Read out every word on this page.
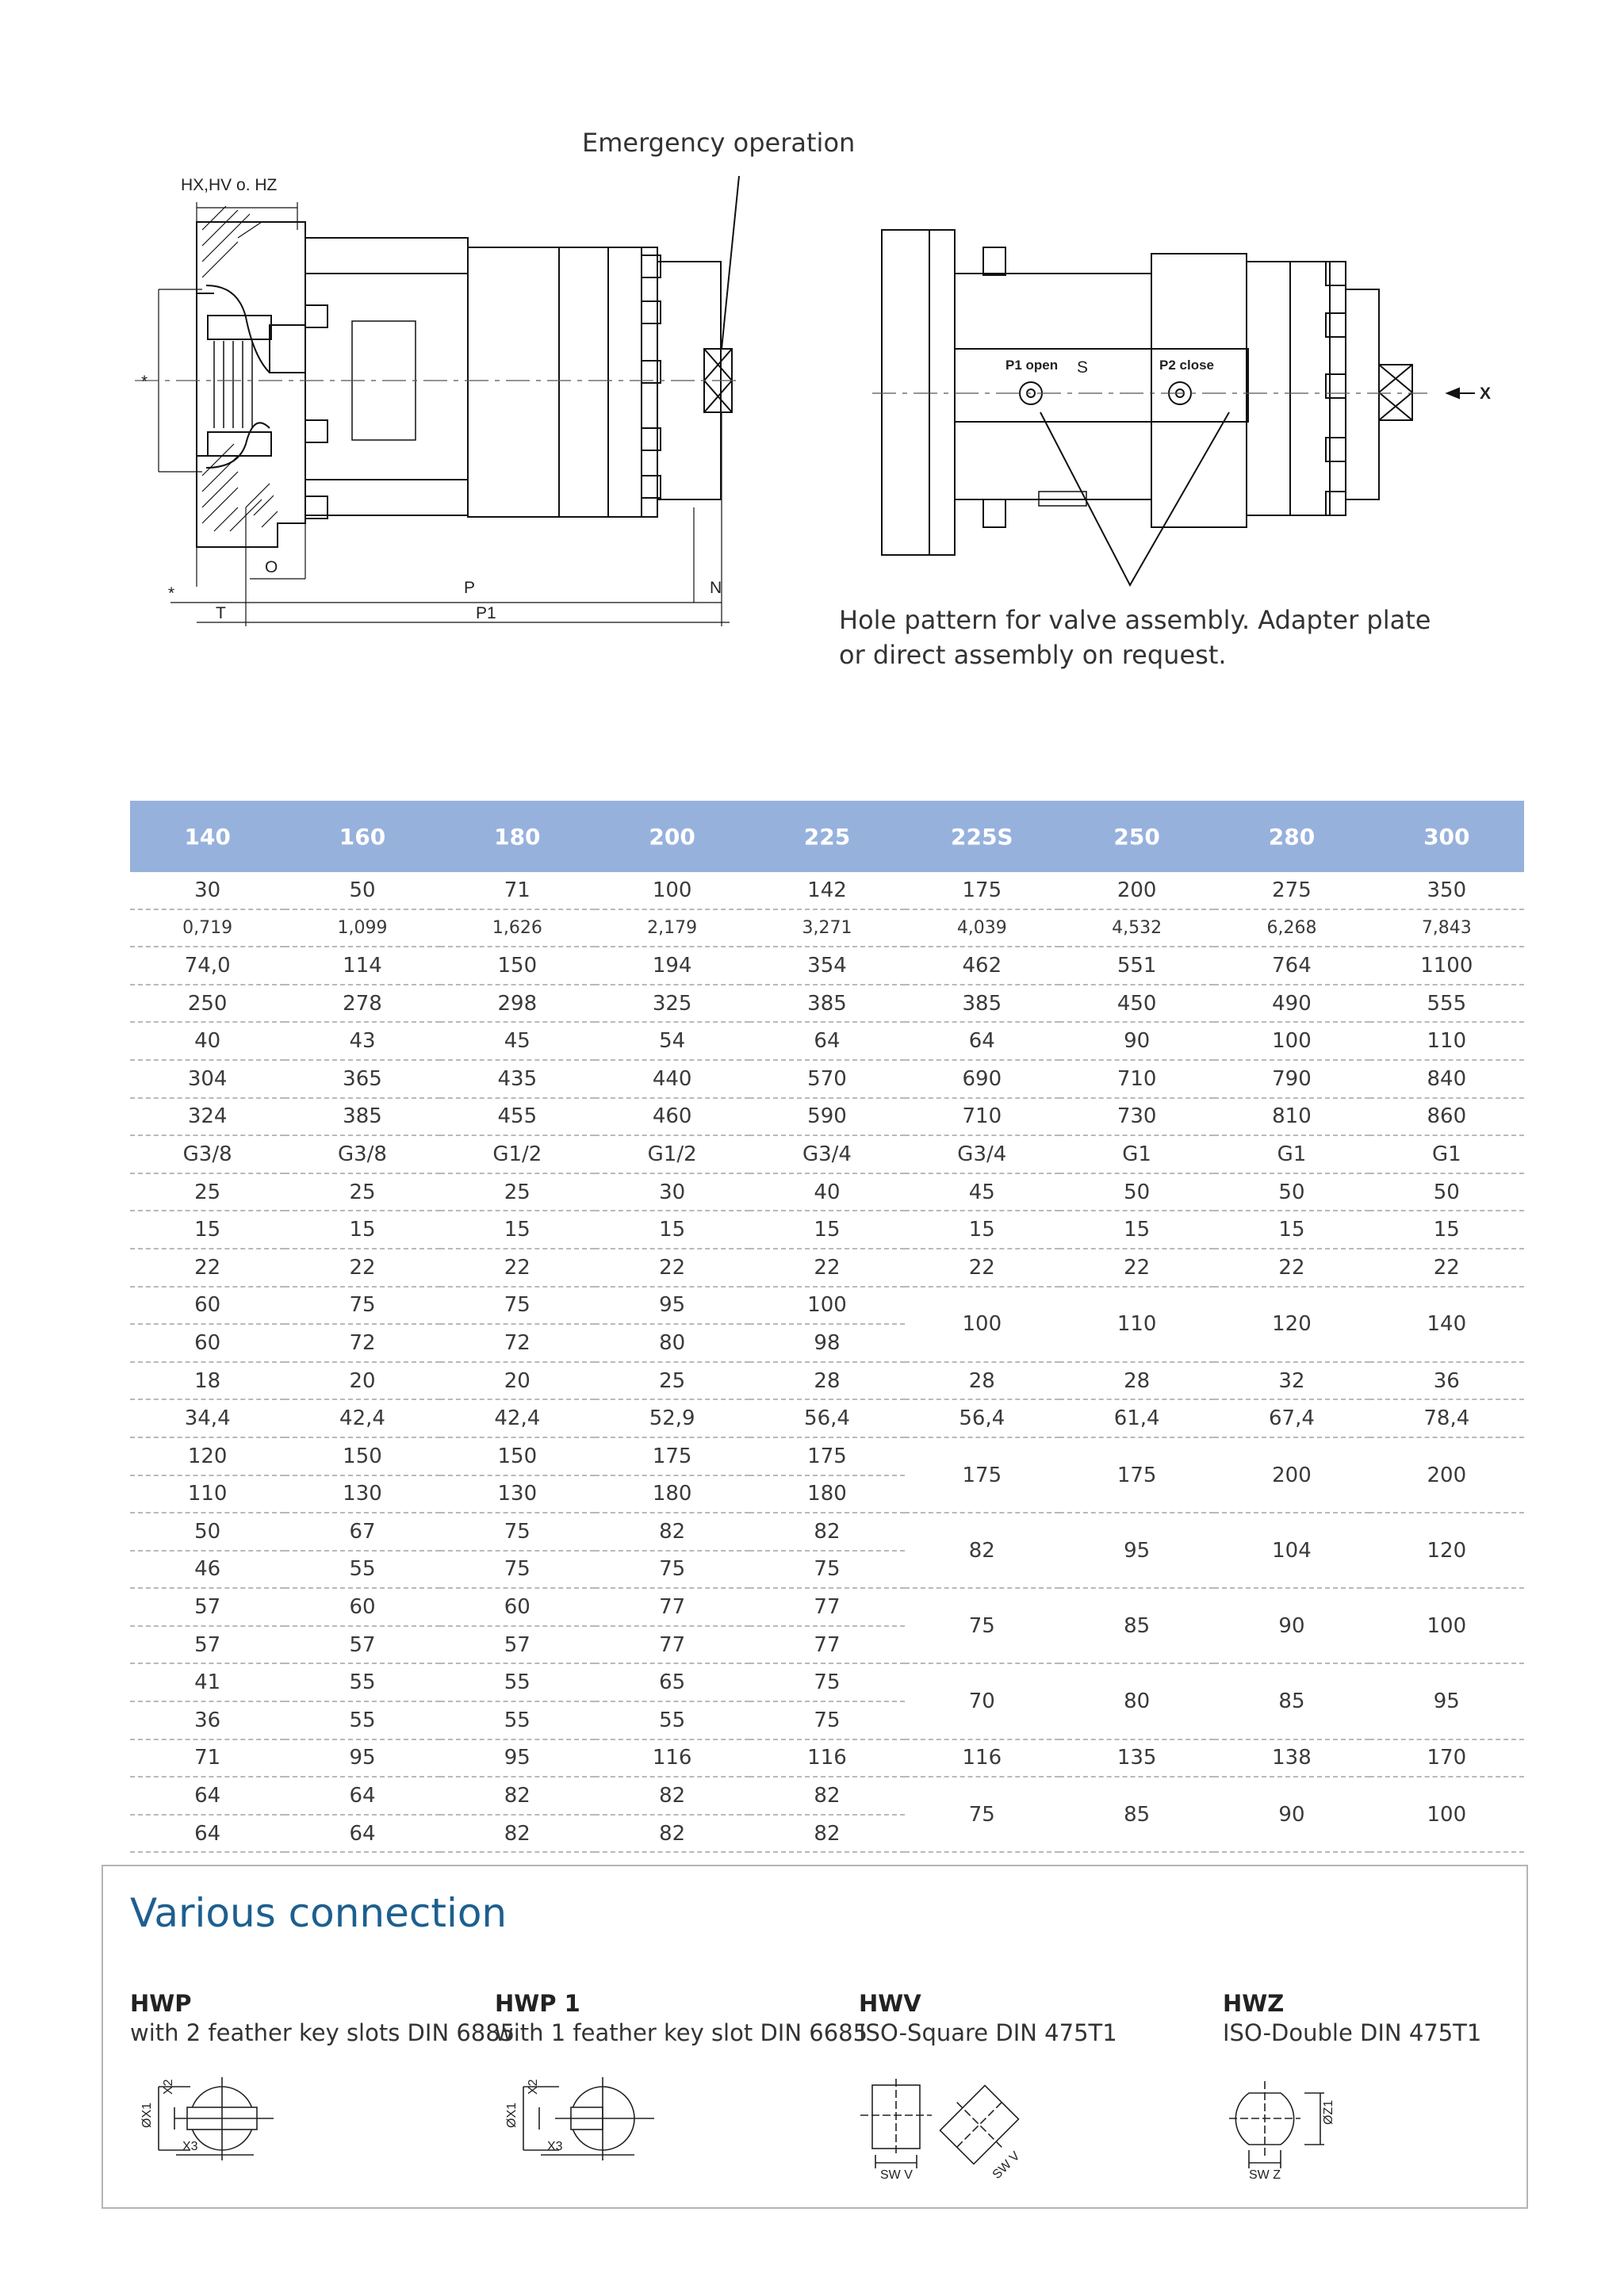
HX,HV o. HZ
*
*
O
P	N
T	P1
P1 open S	P2 close
X
Emergency operation
Hole pattern for valve assembly. Adapter plate
or direct assembly on request.
140	160	180	200	225	225S	250	280	300
30	50	71	100	142	175	200	275	350
0,719	1,099	1,626	2,179	3,271	4,039	4,532	6,268	7,843
74,0	114	150	194	354	462	551	764	1100
250	278	298	325	385	385	450	490	555
40	43	45	54	64	64	90	100	110
304	365	435	440	570	690	710	790	840
324	385	455	460	590	710	730	810	860
G3/8	G3/8	G1/2	G1/2	G3/4	G3/4	G1	G1	G1
25	25	25	30	40	45	50	50	50
15	15	15	15	15	15	15	15	15
22	22	22	22	22	22	22	22	22
60	75	75	95	100	100	110	120	140
60	72	72	80	98				
18	20	20	25	28	28	28	32	36
34,4	42,4	42,4	52,9	56,4	56,4	61,4	67,4	78,4
120	150	150	175	175	175	175	200	200
110	130	130	180	180				
50	67	75	82	82	82	95	104	120
46	55	75	75	75				
57	60	60	77	77	75	85	90	100
57	57	57	77	77				
41	55	55	65	75	70	80	85	95
36	55	55	55	75				
71	95	95	116	116	116	135	138	170
64	64	82	82	82	75	85	90	100
64	64	82	82	82				
Various connection
HWP
with 2 feather key slots DIN 6885
HWP 1
with 1 feather key slot DIN 6685
HWV
ISO-Square DIN 475T1
HWZ
ISO-Double DIN 475T1
ØX1
X2
X3
ØX1
X2
X3
SW V	SW V	SW Z
ØZ1
